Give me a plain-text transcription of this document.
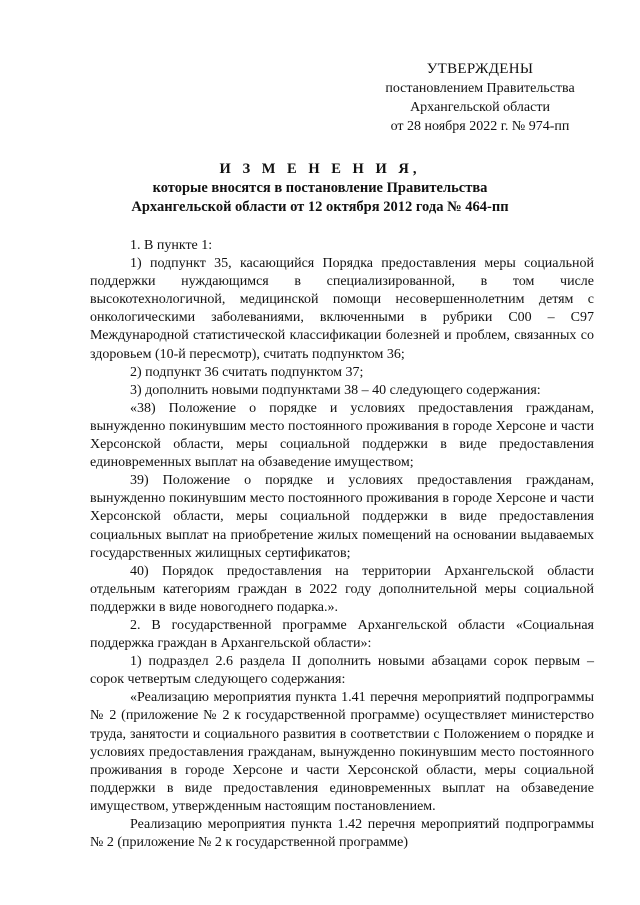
УТВЕРЖДЕНЫ
постановлением Правительства
Архангельской области
от 28 ноября 2022 г. № 974-пп
И З М Е Н Е Н И Я,
которые вносятся в постановление Правительства
Архангельской области от 12 октября 2012 года № 464-пп

1. В пункте 1:

1) подпункт 35, касающийся Порядка предоставления меры социальной поддержки нуждающимся в специализированной, в том числе высокотехнологичной, медицинской помощи несовершеннолетним детям с онкологическими заболеваниями, включенными в рубрики С00 – С97 Международной статистической классификации болезней и проблем, связанных со здоровьем (10-й пересмотр), считать подпунктом 36;

2) подпункт 36 считать подпунктом 37;

3) дополнить новыми подпунктами 38 – 40 следующего содержания:

«38) Положение о порядке и условиях предоставления гражданам, вынужденно покинувшим место постоянного проживания в городе Херсоне и части Херсонской области, меры социальной поддержки в виде предоставления единовременных выплат на обзаведение имуществом;

39) Положение о порядке и условиях предоставления гражданам, вынужденно покинувшим место постоянного проживания в городе Херсоне и части Херсонской области, меры социальной поддержки в виде предоставления социальных выплат на приобретение жилых помещений на основании выдаваемых государственных жилищных сертификатов;

40) Порядок предоставления на территории Архангельской области отдельным категориям граждан в 2022 году дополнительной меры социальной поддержки в виде новогоднего подарка.».

2. В государственной программе Архангельской области «Социальная поддержка граждан в Архангельской области»:

1) подраздел 2.6 раздела II дополнить новыми абзацами сорок первым – сорок четвертым следующего содержания:

«Реализацию мероприятия пункта 1.41 перечня мероприятий подпрограммы № 2 (приложение № 2 к государственной программе) осуществляет министерство труда, занятости и социального развития в соответствии с Положением о порядке и условиях предоставления гражданам, вынужденно покинувшим место постоянного проживания в городе Херсоне и части Херсонской области, меры социальной поддержки в виде предоставления единовременных выплат на обзаведение имуществом, утвержденным настоящим постановлением.

Реализацию мероприятия пункта 1.42 перечня мероприятий подпрограммы № 2 (приложение № 2 к государственной программе)
